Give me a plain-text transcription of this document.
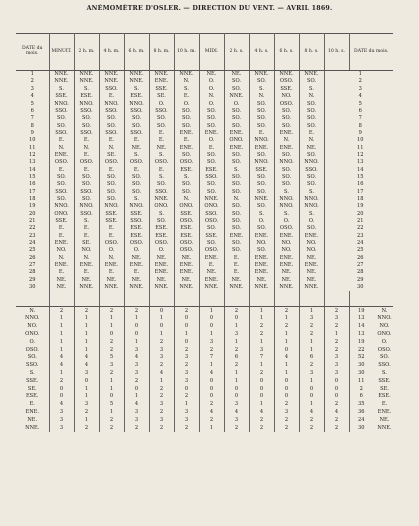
ANÉMOMÈTRE D'OSLER. — DIRECTION DU VENT. — AVRIL 1869.
DATE du mois.	MINUIT.	2 h. m.	4 h. m.	6 h. m.	8 h. m.	10 h. m.	MIDI.	2 h. s.	4 h. s.	6 h. s.	8 h. s.	10 h. s.	DATE du mois.	
1	NNE.	NNE.	NNE.	NNE.	NNE.	NNE.	NE.	NE.	NNE.	NNE.	NNE.	1		
2	NNE.	NNE.	NNE.	NNE.	ENE.	N.	O.	SO.	SO.	OSO.	SO.	2		
3	S.	S.	SSO.	S.	SSE.	S.	O.	SO.	S.	SSE.	S.	3		
4	SSE.	ESE.	E.	ESE.	SE.	E.	N.	NNE.	N.	NO.	N.	4		
5	NNO.	NNO.	NNO.	NNO.	O.	O.	O.	O.	SO.	OSO.	SO.	5		
6	SSO.	SSO.	SSO.	SSO.	SSO.	SO.	SO.	SO.	SO.	SO.	SO.	6		
7	SO.	SO.	SO.	SO.	SO.	SO.	SO.	SO.	SO.	SO.	SO.	7		
8	SO.	SO.	SO.	SO.	SO.	SO.	SO.	SO.	SO.	SO.	SO.	8		
9	SSO.	SSO.	SSO.	SSO.	E.	ENE.	ENE.	ENE.	E.	ENE.	E.	9		
10	E.	E.	E.	E.	E.	E.	O.	ONO.	NNO.	N.	N.	10		
11	N.	N.	N.	NE.	NE.	ENE.	E.	ENE.	ENE.	ENE.	NE.	11		
12	ENE.	E.	SE.	S.	S.	SO.	SO.	SO.	SO.	SO.	SO.	12		
13	OSO.	OSO.	OSO.	OSO.	OSO.	OSO.	SO.	SO.	NNO.	NNO.	NNO.	13		
14	E.	E.	E.	E.	E.	ESE.	ESE.	S.	SSE.	SO.	SSO.	14		
15	SO.	SO.	SO.	SO.	S.	S.	SSO.	SO.	SO.	SO.	SO.	15		
16	SO.	SO.	SO.	SO.	SO.	SO.	SO.	SO.	SO.	SO.	SO.	16		
17	SSO.	SSO.	SO.	SO.	SSO.	SO.	SO.	SO.	SO.	S.	S.	17		
18	SO.	SO.	SO.	S.	NNE.	N.	NNE.	N.	NNE.	NNO.	NNO.	18		
19	NNO.	NNO.	NNO.	NNO.	ONO.	ONO.	ONO.	SO.	SO.	NNO.	NNO.	19		
20	ONO.	SSO.	SSE.	SSE.	S.	SSE.	SSO.	SO.	S.	S.	S.	20		
21	SSE.	S.	SSE.	SSO.	SO.	OSO.	OSO.	SO.	O.	O.	O.	21		
22	E.	E.	E.	ESE.	ESE.	ESE.	SO.	SO.	SO.	OSO.	SO.	22		
23	E.	E.	E.	ESE.	ESE.	ESE.	SSE.	ENE.	ENE.	ENE.	ENE.	23		
24	ENE.	SE.	OSO.	OSO.	OSO.	OSO.	SO.	SO.	NO.	NO.	NO.	24		
25	NO.	NO.	O.	O.	O.	OSO.	OSO.	SO.	SO.	NO.	NO.	25		
26	N.	N.	N.	NE.	NE.	NE.	ENE.	E.	ENE.	ENE.	NE.	26		
27	ENE.	ENE.	ENE.	ENE.	ENE.	ENE.	E.	E.	ENE.	ENE.	ENE.	27		
28	E.	E.	E.	E.	ENE.	ENE.	NE.	E.	ENE.	NE.	NE.	28		
29	NE.	NE.	NE.	NE.	NE.	NE.	ENE.	NE.	NE.	NE.	NE.	29		
30	NE.	NNE.	NNE.	NNE.	NNE.	NNE.	NNE.	NNE.	NNE.	NNE.	NNE.	30		

N.	2	2	2	2	0	2	1	2	1	2	1	2	19	N.
NNO.	1	1	1	1	1	0	0	0	1	1	3	3	13	NNO.
NO.	1	1	1	0	0	0	0	1	2	2	2	2	14	NO.
ONO.	1	1	0	0	1	1	1	3	2	1	2	1	13	ONO.
O.	1	1	2	1	2	0	3	1	1	1	1	2	19	O.
OSO.	1	1	2	3	3	2	2	2	3	0	1	2	22	OSO.
SO.	4	4	5	4	3	3	7	6	7	4	6	3	52	SO.
SSO.	4	4	3	3	2	2	1	2	1	1	2	3	30	SSO.
S.	1	3	2	3	4	3	4	1	2	1	3	3	30	S.
SSE.	2	0	1	2	1	3	0	1	0	0	1	0	11	SSE.
SE.	0	1	1	0	2	0	0	0	0	0	0	0	2	SE.
ESE.	0	1	0	1	2	2	0	0	0	0	0	0	6	ESE.
E.	4	3	5	4	3	1	2	3	1	2	1	2	35	E.
ENE.	3	2	1	3	2	3	4	4	4	3	4	4	36	ENE.
NE.	3	1	2	3	3	3	2	3	2	2	2	2	24	NE.
NNE.	3	2	2	2	2	2	1	2	2	2	2	2	30	NNE.
